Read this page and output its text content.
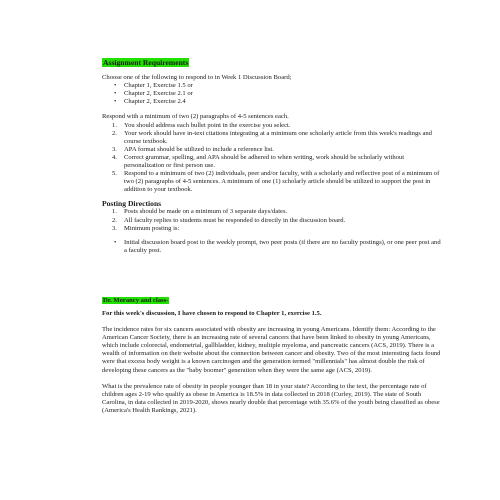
Assignment Requirements

Choose one of the following to respond to in Week 1 Discussion Board;

• Chapter 1, Exercise 1.5 or
• Chapter 2, Exercise 2.1 or
• Chapter 2, Exercise 2.4

Respond with a minimum of two (2) paragraphs of 4-5 sentences each.

1. You should address each bullet point in the exercise you select.
2. Your work should have in-text citations integrating at a minimum one scholarly article from this week's readings and course textbook.
3. APA format should be utilized to include a reference list.
4. Correct grammar, spelling, and APA should be adhered to when writing, work should be scholarly without personalization or first person use.
5. Respond to a minimum of two (2) individuals, peer and/or faculty, with a scholarly and reflective post of a minimum of two (2) paragraphs of 4-5 sentences. A minimum of one (1) scholarly article should be utilized to support the post in addition to your textbook.
Posting Directions
1. Posts should be made on a minimum of 3 separate days/dates.
2. All faculty replies to students must be responded to directly in the discussion board.
3. Minimum posting is:
• Initial discussion board post to the weekly prompt, two peer posts (if there are no faculty postings), or one peer post and a faculty post.
Dr. Morancy and class-

For this week's discussion, I have chosen to respond to Chapter 1, exercise 1.5.

The incidence rates for six cancers associated with obesity are increasing in young Americans. Identify them: According to the American Cancer Society, there is an increasing rate of several cancers that have been linked to obesity in young Americans, which include colorectal, endometrial, gallbladder, kidney, multiple myeloma, and pancreatic cancers (ACS, 2019). There is a wealth of information on their website about the connection between cancer and obesity. Two of the most interesting facts found were that excess body weight is a known carcinogen and the generation termed "millennials" has almost double the risk of developing these cancers as the "baby boomer" generation when they were the same age (ACS, 2019).

What is the prevalence rate of obesity in people younger than 18 in your state? According to the text, the percentage rate of children ages 2-19 who qualify as obese in America is 18.5% in data collected in 2018 (Curley, 2019). The state of South Carolina, in data collected in 2019-2020, shows nearly double that percentage with 35.6% of the youth being classified as obese (America's Health Rankings, 2021).
